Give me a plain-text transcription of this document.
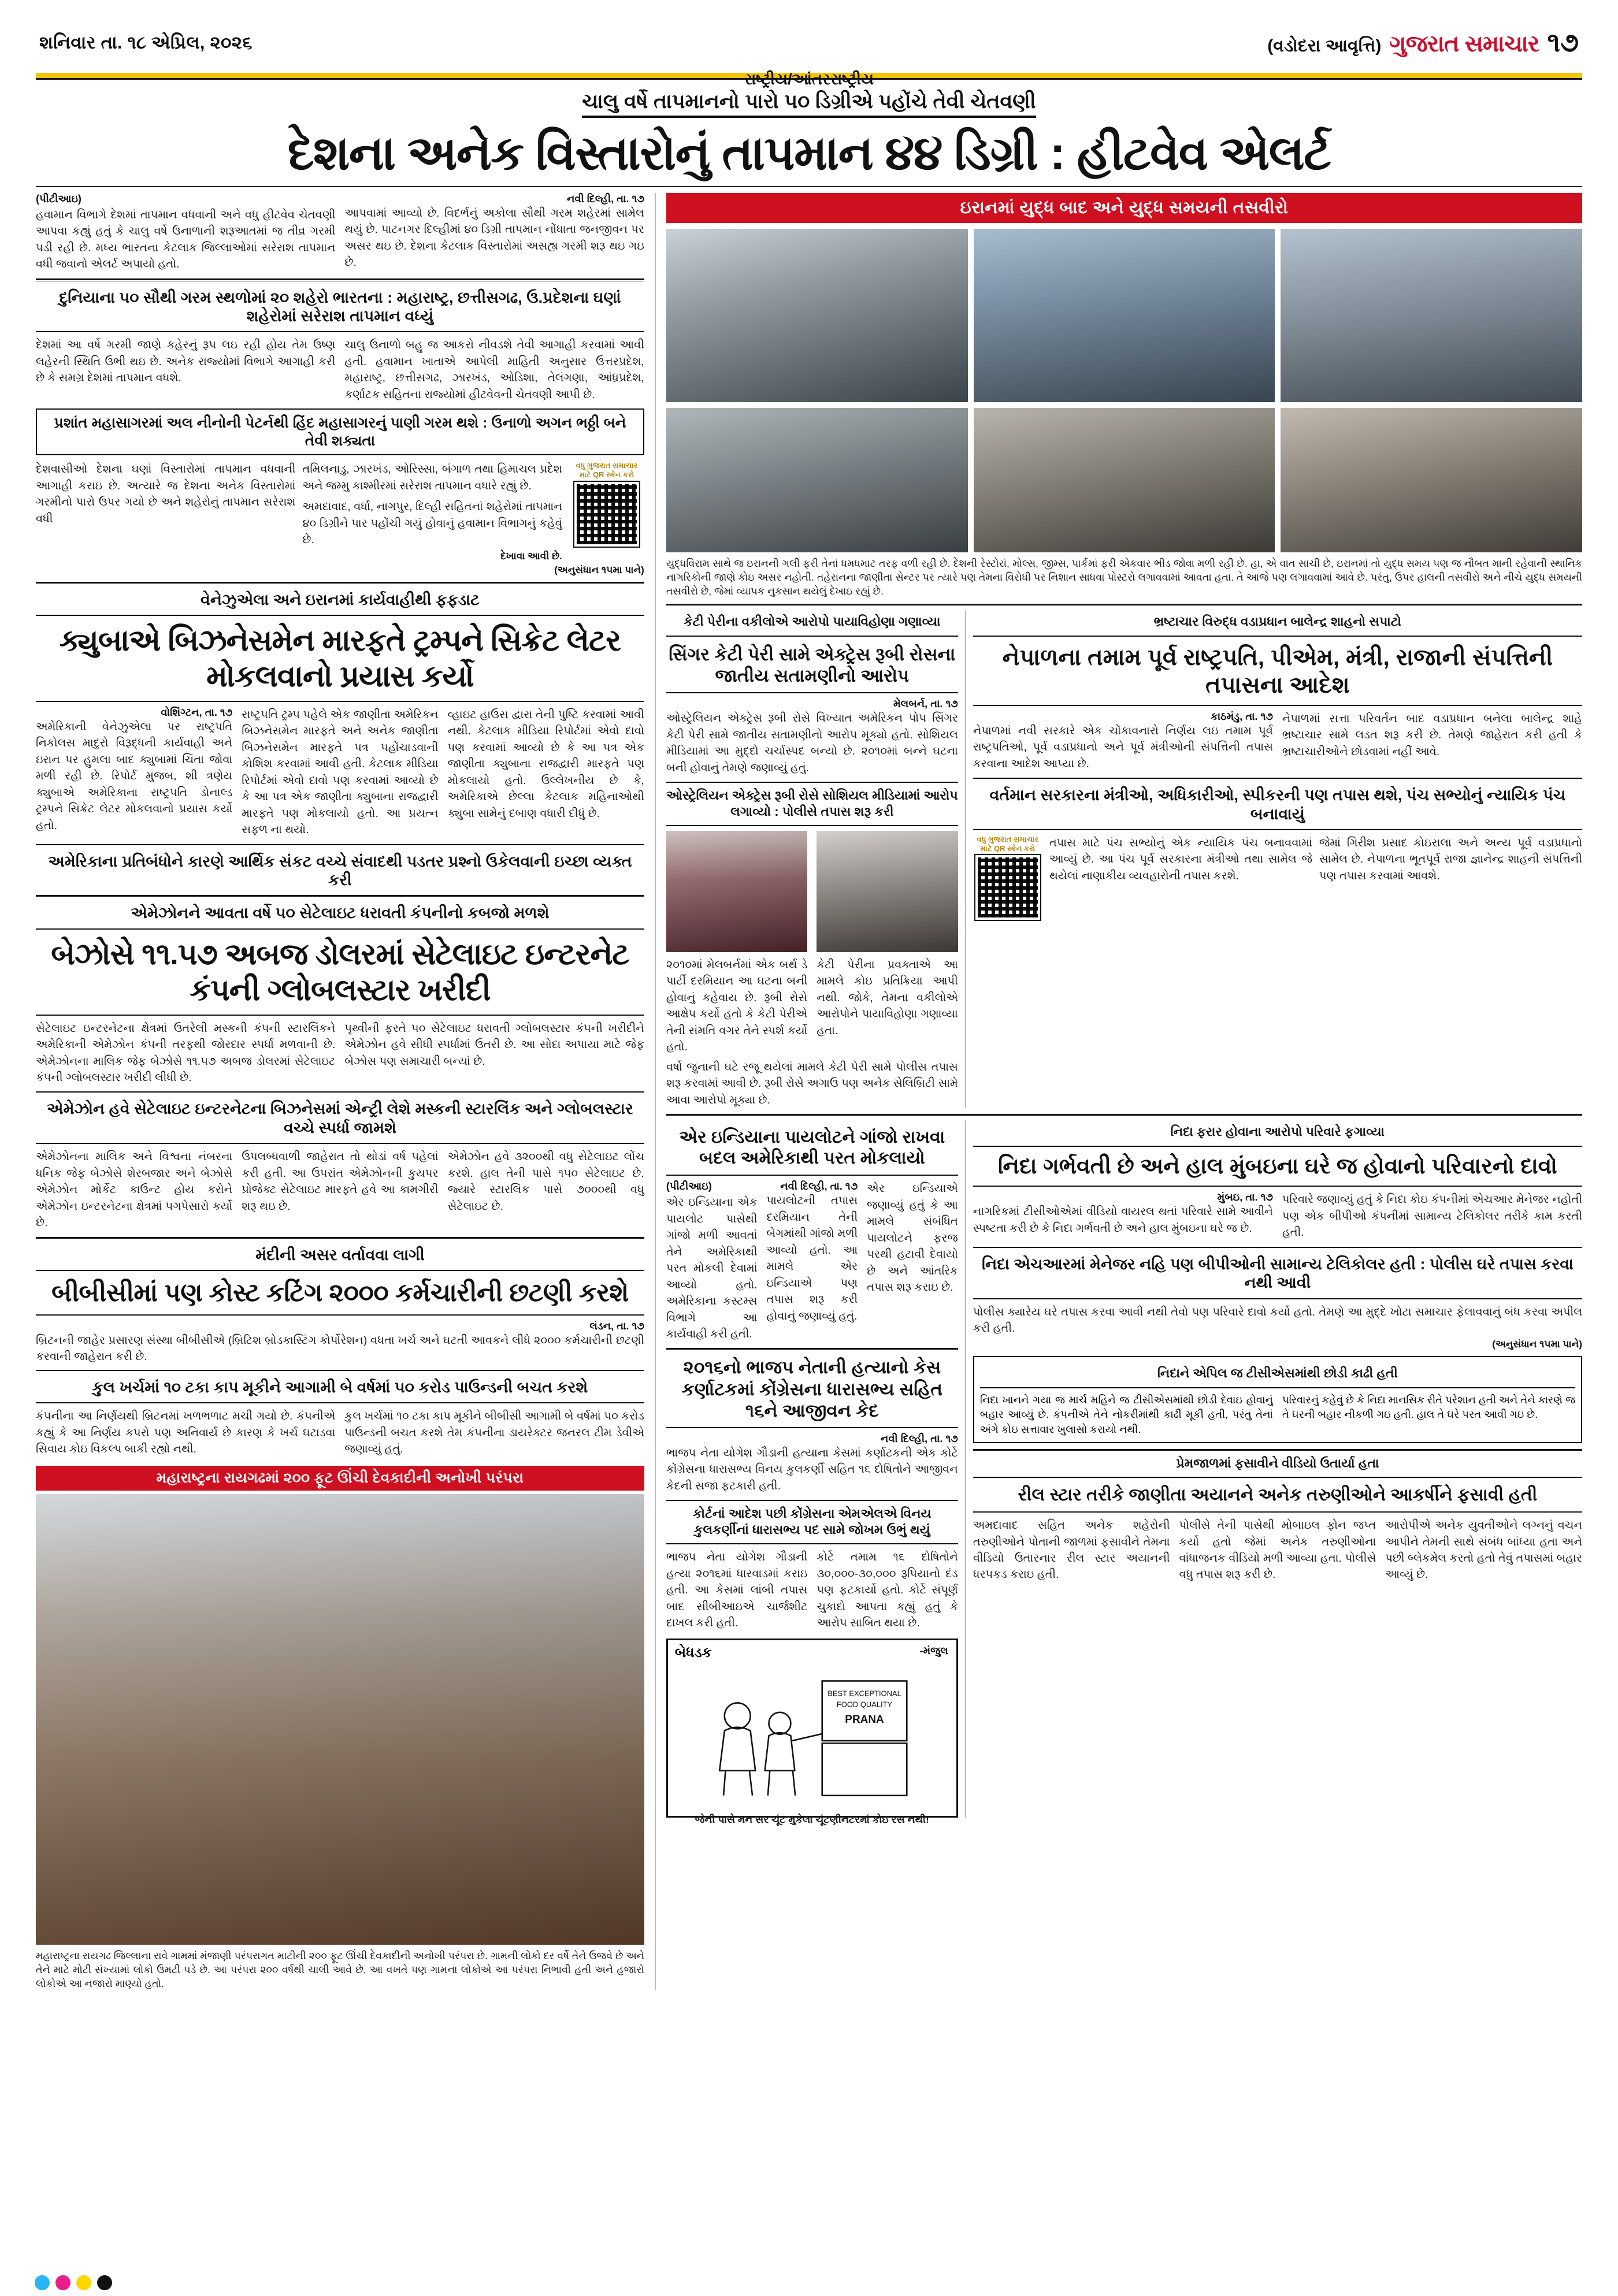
શનિવાર તા. ૧૮ એપ્રિલ, ૨૦૨૬	(વડોદરા આવૃત્તિ) ગુજરાત સમાચાર ૧૭
રાષ્ટ્રીય/આંતરરાષ્ટ્રીય
ચાલુ વર્ષે તાપમાનનો પારો ૫૦ ડિગ્રીએ પહોંચે તેવી ચેતવણી
દેશના અનેક વિસ્તારોનું તાપમાન ૪૪ ડિગ્રી : હીટવેવ એલર્ટ
(પીટીઆઇ)
હવામાન વિભાગે દેશમાં તાપમાન વધવાની અને વધુ હીટવેવ ચેતવણી આપવા કહ્યું હતું કે ચાલુ વર્ષે ઉનાળાની શરૂઆતમાં જ તીવ્ર ગરમી પડી રહી છે. મધ્ય ભારતના કેટલાક જિલ્લાઓમાં સરેરાશ તાપમાન વધી જવાનો એલર્ટ અપાયો હતો.
નવી દિલ્હી, તા. ૧૭
આપવામાં આવ્યો છે. વિદર્ભનું અકોલા સૌથી ગરમ શહેરમાં સામેલ થયું છે. પાટનગર દિલ્હીમાં ૪૦ ડિગ્રી તાપમાન નોંધાતા જનજીવન પર અસર થઇ છે. દેશના કેટલાક વિસ્તારોમાં અસહ્ય ગરમી શરૂ થઇ ગઇ છે.
દુનિયાના ૫૦ સૌથી ગરમ સ્થળોમાં ૨૦ શહેરો ભારતના : મહારાષ્ટ્ર, છત્તીસગઢ, ઉ.પ્રદેશના ઘણાં શહેરોમાં સરેરાશ તાપમાન વધ્યું
દેશમાં આ વર્ષે ગરમી જાણે કહેરનું રૂપ લઇ રહી હોય તેમ ઉષ્ણ લહેરની સ્થિતિ ઉભી થઇ છે. અનેક રાજ્યોમાં વિભાગે આગાહી કરી છે કે સમગ્ર દેશમાં તાપમાન વધશે.
ચાલુ ઉનાળો બહુ જ આકરો નીવડશે તેવી આગાહી કરવામાં આવી હતી. હવામાન ખાતાએ આપેલી માહિતી અનુસાર ઉત્તરપ્રદેશ, મહારાષ્ટ્ર, છત્તીસગઢ, ઝારખંડ, ઓડિશા, તેલંગણા, આંધ્રપ્રદેશ, કર્ણાટક સહિતના રાજ્યોમાં હીટવેવની ચેતવણી આપી છે.
પ્રશાંત મહાસાગરમાં અલ નીનોની પેટર્નથી હિંદ મહાસાગરનું પાણી ગરમ થશે : ઉનાળો અગન ભઠ્ઠી બને તેવી શક્યતા
દેશવાસીઓ દેશના ઘણાં વિસ્તારોમાં તાપમાન વધવાની આગાહી કરાઇ છે. અત્યારે જ દેશના અનેક વિસ્તારોમાં ગરમીનો પારો ઉપર ગયો છે અને શહેરોનું તાપમાન સરેરાશ વધી
તમિલનાડુ, ઝારખંડ, ઓરિસ્સા, બંગાળ તથા હિમાચલ પ્રદેશ અને જમ્મુ કાશ્મીરમાં સરેરાશ તાપમાન વધારે રહ્યું છે.
અમદાવાદ, વર્ધા, નાગપુર, દિલ્હી સહિતનાં શહેરોમાં તાપમાન ૪૦ ડિગ્રીને પાર પહોંચી ગયું હોવાનું હવામાન વિભાગનું કહેવું છે.
દેખાવા આવી છે.
વધુ ગુજરાત સમાચાર માટે QR સ્કેન કરો
(અનુસંધાન ૧૫મા પાને)
વેનેઝુએલા અને ઇરાનમાં કાર્યવાહીથી ફફડાટ
ક્યુબાએ બિઝનેસમેન મારફતે ટ્રમ્પને સિક્રેટ લેટર મોકલવાનો પ્રયાસ કર્યો
વોશિંગ્ટન, તા. ૧૭
અમેરિકાની વેનેઝુએલા પર રાષ્ટ્રપતિ નિકોલસ માદુરો વિરૂદ્ધની કાર્યવાહી અને ઇરાન પર હુમલા બાદ ક્યુબામાં ચિંતા જોવા મળી રહી છે. રિપોર્ટ મુજબ, શી ત્રણેય ક્યુબાએ અમેરિકાના રાષ્ટ્રપતિ ડોનાલ્ડ ટ્રમ્પને સિક્રેટ લેટર મોકલવાનો પ્રયાસ કર્યો હતો.
રાષ્ટ્રપતિ ટ્રમ્પ પહેલે એક જાણીતા અમેરિકન બિઝનેસમેન મારફતે અને અનેક જાણીતા બિઝનેસમેન મારફતે પત્ર પહોંચાડવાની કોશિશ કરવામાં આવી હતી. કેટલાક મીડિયા રિપોર્ટમાં એવો દાવો પણ કરવામાં આવ્યો છે કે આ પત્ર એક જાણીતા ક્યુબાના રાજદ્વારી મારફતે પણ મોકલાયો હતો. આ પ્રયત્ન સફળ ના થયો.
વ્હાઇટ હાઉસ દ્વારા તેની પુષ્ટિ કરવામાં આવી નથી. કેટલાક મીડિયા રિપોર્ટમાં એવો દાવો પણ કરવામાં આવ્યો છે કે આ પત્ર એક જાણીતા ક્યુબાના રાજદ્વારી મારફતે પણ મોકલાયો હતો. ઉલ્લેખનીય છે કે, અમેરિકાએ છેલ્લા કેટલાક મહિનાઓથી ક્યુબા સામેનું દબાણ વધારી દીધું છે.
અમેરિકાના પ્રતિબંધોને કારણે આર્થિક સંકટ વચ્ચે સંવાદથી પડતર પ્રશ્નો ઉકેલવાની ઇચ્છા વ્યક્ત કરી
એમેઝોનને આવતા વર્ષે ૫૦ સેટેલાઇટ ધરાવતી કંપનીનો કબજો મળશે
બેઝોસે ૧૧.૫૭ અબજ ડોલરમાં સેટેલાઇટ ઇન્ટરનેટ કંપની ગ્લોબલસ્ટાર ખરીદી
સેટેલાઇટ ઇન્ટરનેટના ક્ષેત્રમાં ઉતરેલી મસ્કની કંપની સ્ટારલિંકને અમેરિકાની એમેઝોન કંપની તરફથી જોરદાર સ્પર્ધા મળવાની છે. એમેઝોનના માલિક જેફ બેઝોસે ૧૧.૫૭ અબજ ડોલરમાં સેટેલાઇટ કંપની ગ્લોબલસ્ટાર ખરીદી લીધી છે.
પૃથ્વીની ફરતે ૫૦ સેટેલાઇટ ધરાવતી ગ્લોબલસ્ટાર કંપની ખરીદીને એમેઝોન હવે સીધી સ્પર્ધામાં ઉતરી છે. આ સોદા અપાયા માટે જેફ બેઝોસ પણ સમાચારી બન્યાં છે.
એમેઝોન હવે સેટેલાઇટ ઇન્ટરનેટના બિઝનેસમાં એન્ટ્રી લેશે મસ્કની સ્ટારલિંક અને ગ્લોબલસ્ટાર વચ્ચે સ્પર્ધા જામશે
એમેઝોનના માલિક અને વિશ્વના નંબરના ધનિક જેફ બેઝોસે શેરબજાર અને બેઝોસે એમેઝોન મોર્કેટ કાઉન્ટ હોય કરોને એમેઝોન ઇન્ટરનેટના ક્ષેત્રમાં પગપેસારો કર્યો છે.
ઉપલબ્ધવાળી જાહેરાત તો થોડાં વર્ષ પહેલાં કરી હતી. આ ઉપરાંત એમેઝોનની કુયપર પ્રોજેક્ટ સેટેલાઇટ મારફતે હવે આ કામગીરી શરૂ થઇ છે.
એમેઝોન હવે ૩૨૦૦થી વધુ સેટેલાઇટ લોંચ કરશે. હાલ તેની પાસે ૧૫૦ સેટેલાઇટ છે. જ્યારે સ્ટારલિંક પાસે ૭૦૦૦થી વધુ સેટેલાઇટ છે.
મંદીની અસર વર્તાવવા લાગી
બીબીસીમાં પણ કોસ્ટ કટિંગ ૨૦૦૦ કર્મચારીની છટણી કરશે
લંડન, તા. ૧૭
બ્રિટનની જાહેર પ્રસારણ સંસ્થા બીબીસીએ (બ્રિટિશ બ્રોડકાસ્ટિંગ કોર્પોરેશન) વધતા ખર્ચ અને ઘટતી આવકને લીધે ૨૦૦૦ કર્મચારીની છટણી કરવાની જાહેરાત કરી છે.
કુલ ખર્ચમાં ૧૦ ટકા કાપ મૂકીને આગામી બે વર્ષમાં ૫૦ કરોડ પાઉન્ડની બચત કરશે
કંપનીના આ નિર્ણયથી બ્રિટનમાં ખળભળાટ મચી ગયો છે. કંપનીએ કહ્યું કે આ નિર્ણય કપરો પણ અનિવાર્ય છે કારણ કે ખર્ચ ઘટાડવા સિવાય કોઇ વિકલ્પ બાકી રહ્યો નથી.
કુલ ખર્ચમાં ૧૦ ટકા કાપ મૂકીને બીબીસી આગામી બે વર્ષમાં ૫૦ કરોડ પાઉન્ડની બચત કરશે તેમ કંપનીના ડાયરેક્ટર જનરલ ટીમ ડેવીએ જણાવ્યું હતું.
મહારાષ્ટ્રના રાયગઢમાં ૨૦૦ ફૂટ ઊંચી દેવકાદીની અનોખી પરંપરા
મહારાષ્ટ્રના રાયગઢ જિલ્લાના રાવે ગામમાં મંજાણી પરંપરાગત માટીની ૨૦૦ ફૂટ ઊંચી દેવકાદીની અનોખી પરંપરા છે. ગામની લોકો દર વર્ષે તેને ઉજવે છે અને તેને માટે મોટી સંખ્યામાં લોકો ઉમટી પડે છે. આ પરંપરા ૨૦૦ વર્ષથી ચાલી આવે છે. આ વખતે પણ ગામના લોકોએ આ પરંપરા નિભાવી હતી અને હજારો લોકોએ આ નજારો માણ્યો હતો.
ઇરાનમાં યુદ્ધ બાદ અને યુદ્ધ સમયની તસવીરો
યુદ્ધવિરામ સાથે જ ઇરાનની ગલી ફરી તેનાં ધમધમાટ તરફ વળી રહી છે. દેશની રેસ્ટોરાં, મોલ્સ, જીમ્સ, પાર્કમાં ફરી એકવાર ભીડ જોવા મળી રહી છે. હા, એ વાત સાચી છે, ઇરાનમાં તો યુદ્ધ સમય પણ જ નૌબત માની રહેવાની સ્થાનિક નાગરિકોની જાણે કોઇ અસર નહોતી. તહેરાનના જાણીતા સેન્ટર પર ત્યારે પણ તેમના વિરોધી પર નિશાન સાધવા પોસ્ટરો લગાવવામાં આવતા હતા. તે આજે પણ લગાવવામાં આવે છે. પરંતુ, ઉપર હાલની તસવીરો અને નીચે યુદ્ધ સમયની તસવીરો છે, જેમાં વ્યાપક નુકસાન થયેલું દેખાઇ રહ્યું છે.
કેટી પેરીના વકીલોએ આરોપો પાયાવિહોણા ગણાવ્યા
સિંગર કેટી પેરી સામે એક્ટ્રેસ રૂબી રોસના જાતીય સતામણીનો આરોપ
મેલબર્ન, તા. ૧૭
ઓસ્ટ્રેલિયન એક્ટ્રેસ રૂબી રોસે વિખ્યાત અમેરિકન પોપ સિંગર કેટી પેરી સામે જાતીય સતામણીનો આરોપ મૂક્યો હતો. સોશિયલ મીડિયામાં આ મુદ્દો ચર્ચાસ્પદ બન્યો છે. ૨૦૧૦માં બન્ને ઘટના બની હોવાનું તેમણે જણાવ્યું હતું.
ઓસ્ટ્રેલિયન એક્ટ્રેસ રૂબી રોસે સોશિયલ મીડિયામાં આરોપ લગાવ્યો : પોલીસે તપાસ શરૂ કરી
૨૦૧૦માં મેલબર્નમાં એક બર્થ ડે પાર્ટી દરમિયાન આ ઘટના બની હોવાનું કહેવાય છે. રૂબી રોસે આક્ષેપ કર્યો હતો કે કેટી પેરીએ તેની સંમતિ વગર તેને સ્પર્શ કર્યો હતો.
કેટી પેરીના પ્રવક્તાએ આ મામલે કોઇ પ્રતિક્રિયા આપી નથી. જોકે, તેમના વકીલોએ આરોપોને પાયાવિહોણા ગણાવ્યા હતા.
વર્ષો જુનાની ઘટે રજૂ થયેલાં મામલે કેટી પેરી સામે પોલીસ તપાસ શરૂ કરવામાં આવી છે. રૂબી રોસે અગાઉ પણ અનેક સેલિબ્રિટી સામે આવા આરોપો મૂક્યા છે.
ભ્રષ્ટાચાર વિરુદ્ધ વડાપ્રધાન બાલેન્દ્ર શાહનો સપાટો
નેપાળના તમામ પૂર્વ રાષ્ટ્રપતિ, પીએમ, મંત્રી, રાજાની સંપત્તિની તપાસના આદેશ
કાઠમંડુ, તા. ૧૭
નેપાળમાં નવી સરકારે એક ચોંકાવનારો નિર્ણય લઇ તમામ પૂર્વ રાષ્ટ્રપતિઓ, પૂર્વ વડાપ્રધાનો અને પૂર્વ મંત્રીઓની સંપત્તિની તપાસ કરવાના આદેશ આપ્યા છે.
નેપાળમાં સત્તા પરિવર્તન બાદ વડાપ્રધાન બનેલા બાલેન્દ્ર શાહે ભ્રષ્ટાચાર સામે લડત શરૂ કરી છે. તેમણે જાહેરાત કરી હતી કે ભ્રષ્ટાચારીઓને છોડવામાં નહીં આવે.
વર્તમાન સરકારના મંત્રીઓ, અધિકારીઓ, સ્પીકરની પણ તપાસ થશે, પંચ સભ્યોનું ન્યાયિક પંચ બનાવાયું
વધુ ગુજરાત સમાચાર માટે QR સ્કેન કરો	તપાસ માટે પંચ સભ્યોનું એક ન્યાયિક પંચ બનાવવામાં આવ્યું છે. આ પંચ પૂર્વ સરકારના મંત્રીઓ તથા સામેલ જે થયેલાં નાણાકીય વ્યવહારોની તપાસ કરશે.
જેમાં ગિરીશ પ્રસાદ કોઇરાલા અને અન્ય પૂર્વ વડાપ્રધાનો સામેલ છે. નેપાળના ભૂતપૂર્વ રાજા જ્ઞાનેન્દ્ર શાહની સંપત્તિની પણ તપાસ કરવામાં આવશે.
એર ઇન્ડિયાના પાયલોટને ગાંજો રાખવા બદલ અમેરિકાથી પરત મોકલાયો
(પીટીઆઇ)
એર ઇન્ડિયાના એક પાયલોટ પાસેથી ગાંજો મળી આવતાં તેને અમેરિકાથી પરત મોકલી દેવામાં આવ્યો હતો. અમેરિકાના કસ્ટમ્સ વિભાગે આ કાર્યવાહી કરી હતી.
નવી દિલ્હી, તા. ૧૭
પાયલોટની તપાસ દરમિયાન તેની બેગમાંથી ગાંજો મળી આવ્યો હતો. આ મામલે એર ઇન્ડિયાએ પણ તપાસ શરૂ કરી હોવાનું જણાવ્યું હતું.
એર ઇન્ડિયાએ જણાવ્યું હતું કે આ મામલે સંબંધિત પાયલોટને ફરજ પરથી હટાવી દેવાયો છે અને આંતરિક તપાસ શરૂ કરાઇ છે.
૨૦૧૬નો ભાજપ નેતાની હત્યાનો કેસ કર્ણાટકમાં કોંગ્રેસના ધારાસભ્ય સહિત ૧૬ને આજીવન કેદ
નવી દિલ્હી, તા. ૧૭
ભાજપ નેતા યોગેશ ગૌડાની હત્યાના કેસમાં કર્ણાટકની એક કોર્ટે કોંગ્રેસના ધારાસભ્ય વિનય કુલકર્ણી સહિત ૧૬ દોષિતોને આજીવન કેદની સજા ફટકારી હતી.
કોર્ટનાં આદેશ પછી કોંગ્રેસના એમએલએ વિનય કુલકર્ણીનાં ધારાસભ્ય પદ સામે જોખમ ઉભું થયું
ભાજપ નેતા યોગેશ ગૌડાની હત્યા ૨૦૧૬માં ધારવાડમાં કરાઇ હતી. આ કેસમાં લાંબી તપાસ બાદ સીબીઆઇએ ચાર્જશીટ દાખલ કરી હતી.
કોર્ટે તમામ ૧૬ દોષિતોને ૩૦,૦૦૦-૩૦,૦૦૦ રૂપિયાનો દંડ પણ ફટકાર્યો હતો. કોર્ટે સંપૂર્ણ ચુકાદો આપતા કહ્યું હતું કે આરોપ સાબિત થયા છે.
બેધડક	-મંજુલ
BEST EXCEPTIONAL
FOOD QUALITY
PRANA
જેની પાસે મન સર ચૂંટ મુકેલા ચૂંટણીનટરમાં કોઇ રસ નથી!
નિદા ફરાર હોવાના આરોપો પરિવારે ફગાવ્યા
નિદા ગર્ભવતી છે અને હાલ મુંબઇના ઘરે જ હોવાનો પરિવારનો દાવો
મુંબઇ, તા. ૧૭
નાગરિકમાં ટીસીઓએમાં વીડિયો વાયરલ થતાં પરિવારે સામે આવીને સ્પષ્ટતા કરી છે કે નિદા ગર્ભવતી છે અને હાલ મુંબઇના ઘરે જ છે.
પરિવારે જણાવ્યું હતું કે નિદા કોઇ કંપનીમાં એચઆર મેનેજર નહોતી પણ એક બીપીઓ કંપનીમાં સામાન્ય ટેલિકોલર તરીકે કામ કરતી હતી.
નિદા એચઆરમાં મેનેજર નહિ પણ બીપીઓની સામાન્ય ટેલિકોલર હતી : પોલીસ ઘરે તપાસ કરવા નથી આવી
પોલીસ ક્યારેય ઘરે તપાસ કરવા આવી નથી તેવો પણ પરિવારે દાવો કર્યો હતો. તેમણે આ મુદ્દે ખોટા સમાચાર ફેલાવવાનું બંધ કરવા અપીલ કરી હતી.
(અનુસંધાન ૧૫મા પાને)
નિદાને એપિલ જ ટીસીએસમાંથી છોડી કાઢી હતી
નિદા ખાનને ગયા જ માર્ચ મહિને જ ટીસીએસમાંથી છોડી દેવાઇ હોવાનું બહાર આવ્યું છે. કંપનીએ તેને નોકરીમાંથી કાઢી મૂકી હતી, પરંતુ તેનાં અંગે કોઇ સત્તાવાર ખુલાસો કરાયો નથી.
પરિવારનું કહેવું છે કે નિદા માનસિક રીતે પરેશાન હતી અને તેને કારણે જ તે ઘરની બહાર નીકળી ગઇ હતી. હાલ તે ઘરે પરત આવી ગઇ છે.
પ્રેમજાળમાં ફસાવીને વીડિયો ઉતાર્યા હતા
રીલ સ્ટાર તરીકે જાણીતા અયાનને અનેક તરુણીઓને આકર્ષીને ફસાવી હતી
અમદાવાદ સહિત અનેક શહેરોની તરુણીઓને પોતાની જાળમાં ફસાવીને તેમના વીડિયો ઉતારનાર રીલ સ્ટાર અયાનની ધરપકડ કરાઇ હતી.
પોલીસે તેની પાસેથી મોબાઇલ ફોન જપ્ત કર્યો હતો જેમાં અનેક તરુણીઓના વાંધાજનક વીડિયો મળી આવ્યા હતા. પોલીસે વધુ તપાસ શરૂ કરી છે.
આરોપીએ અનેક યુવતીઓને લગ્નનું વચન આપીને તેમની સાથે સંબંધ બાંધ્યા હતા અને પછી બ્લેકમેલ કરતો હતો તેવું તપાસમાં બહાર આવ્યું છે.
